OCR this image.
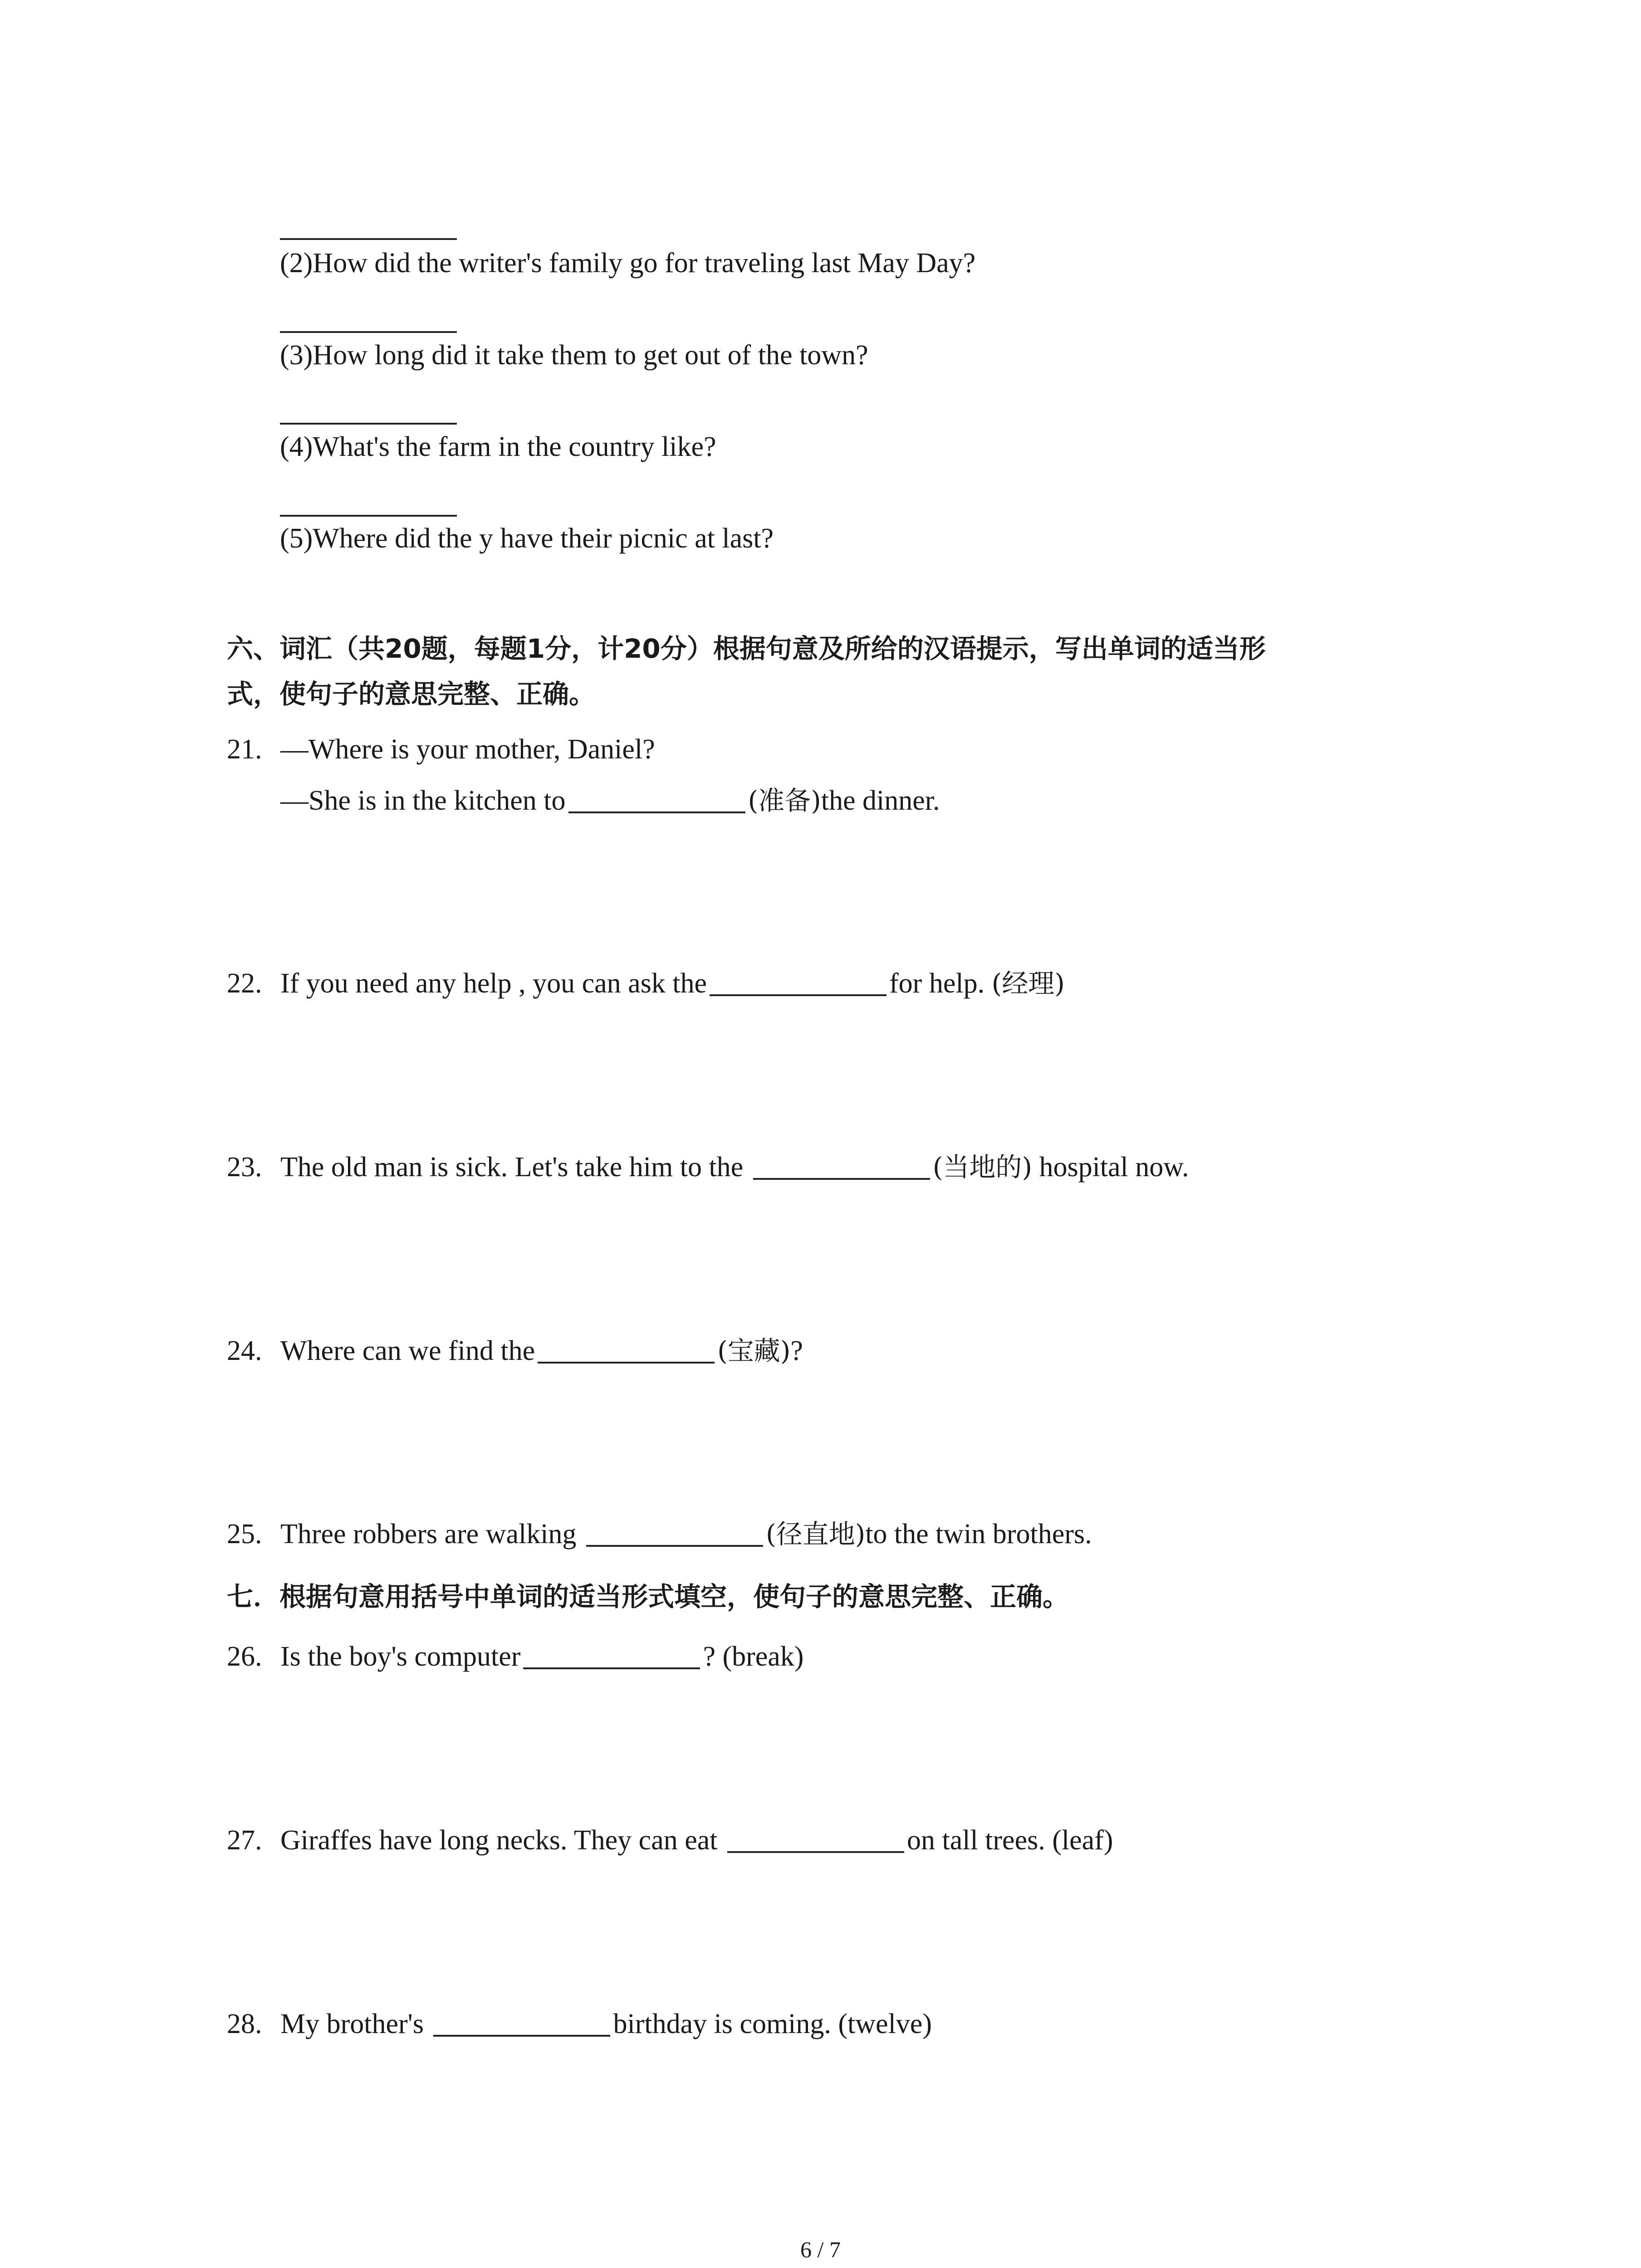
(2)How did the writer's family go for traveling last May Day?
(3)How long did it take them to get out of the town?
(4)What's the farm in the country like?
(5)Where did the y have their picnic at last?
六、词汇（共20题，每题1分，计20分）根据句意及所给的汉语提示，写出单词的适当形
式，使句子的意思完整、正确。
21. —Where is your mother, Daniel?
—She is in the kitchen to	(准备)the dinner.
22. If you need any help , you can ask the	for help. (经理)
23. The old man is sick. Let's take him to the	(当地的) hospital now.
24. Where can we find the	(宝藏)?
25. Three robbers are walking	(径直地)to the twin brothers.
七．根据句意用括号中单词的适当形式填空，使句子的意思完整、正确。
26. Is the boy's computer	? (break)
27. Giraffes have long necks. They can eat	on tall trees. (leaf)
28. My brother's	birthday is coming. (twelve)
6 / 7
